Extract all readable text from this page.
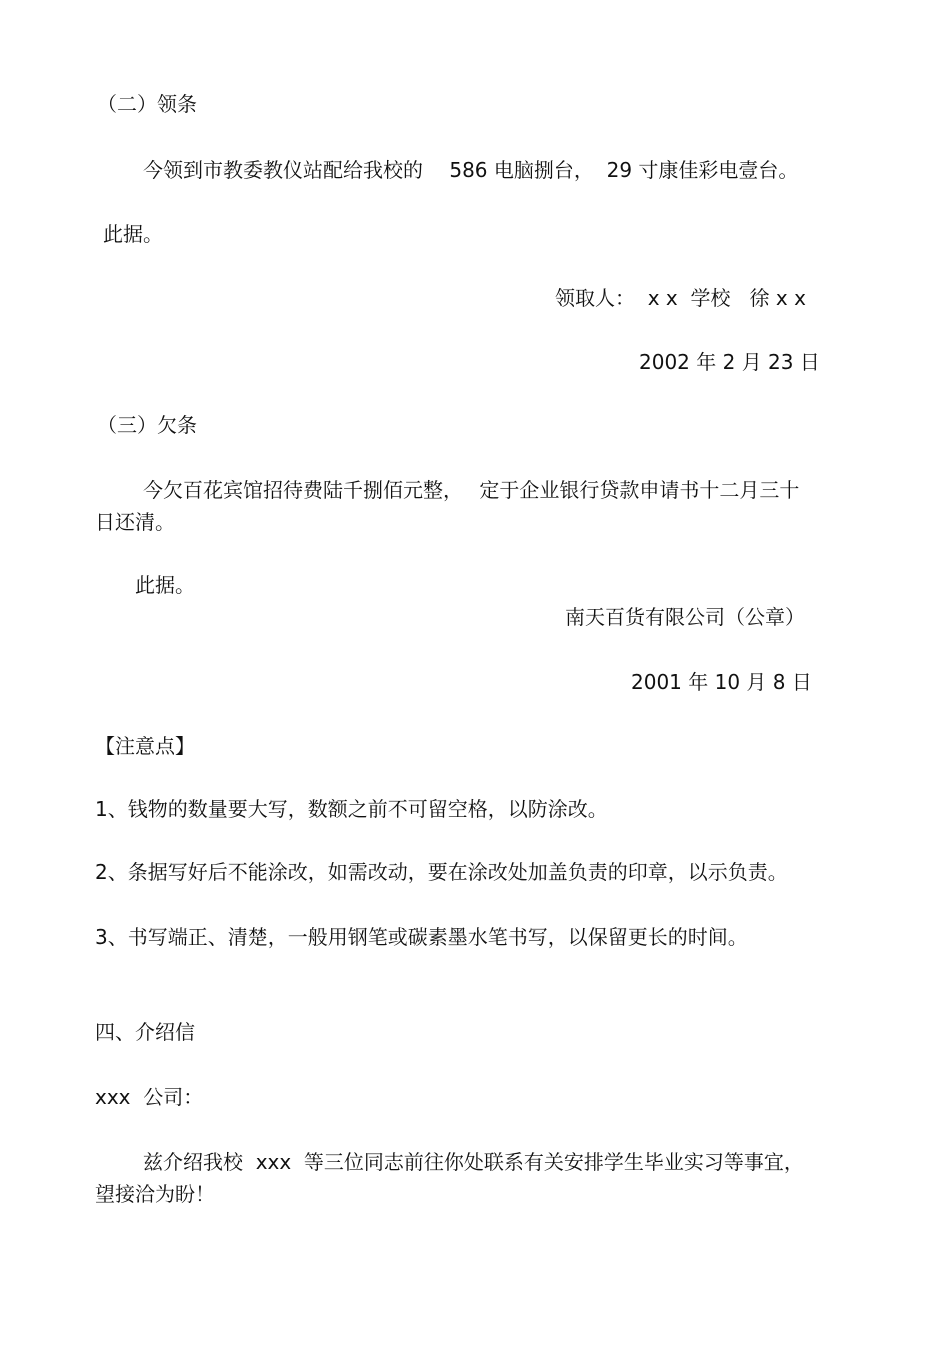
（二）领条

今领到市教委教仪站配给我校的　 586 电脑捌台，  29 寸康佳彩电壹台。

此据。

领取人：  x x  学校   徐 x x

2002 年 2 月 23 日

（三）欠条

今欠百花宾馆招待费陆千捌佰元整，　 定于企业银行贷款申请书十二月三十

日还清。

此据。

南天百货有限公司（公章）

2001 年 10 月 8 日

【注意点】

1、钱物的数量要大写，数额之前不可留空格，以防涂改。

2、条据写好后不能涂改，如需改动，要在涂改处加盖负责的印章，以示负责。

3、书写端正、清楚，一般用钢笔或碳素墨水笔书写，以保留更长的时间。

四、介绍信

xxx  公司：

兹介绍我校  xxx  等三位同志前往你处联系有关安排学生毕业实习等事宜，

望接洽为盼！
